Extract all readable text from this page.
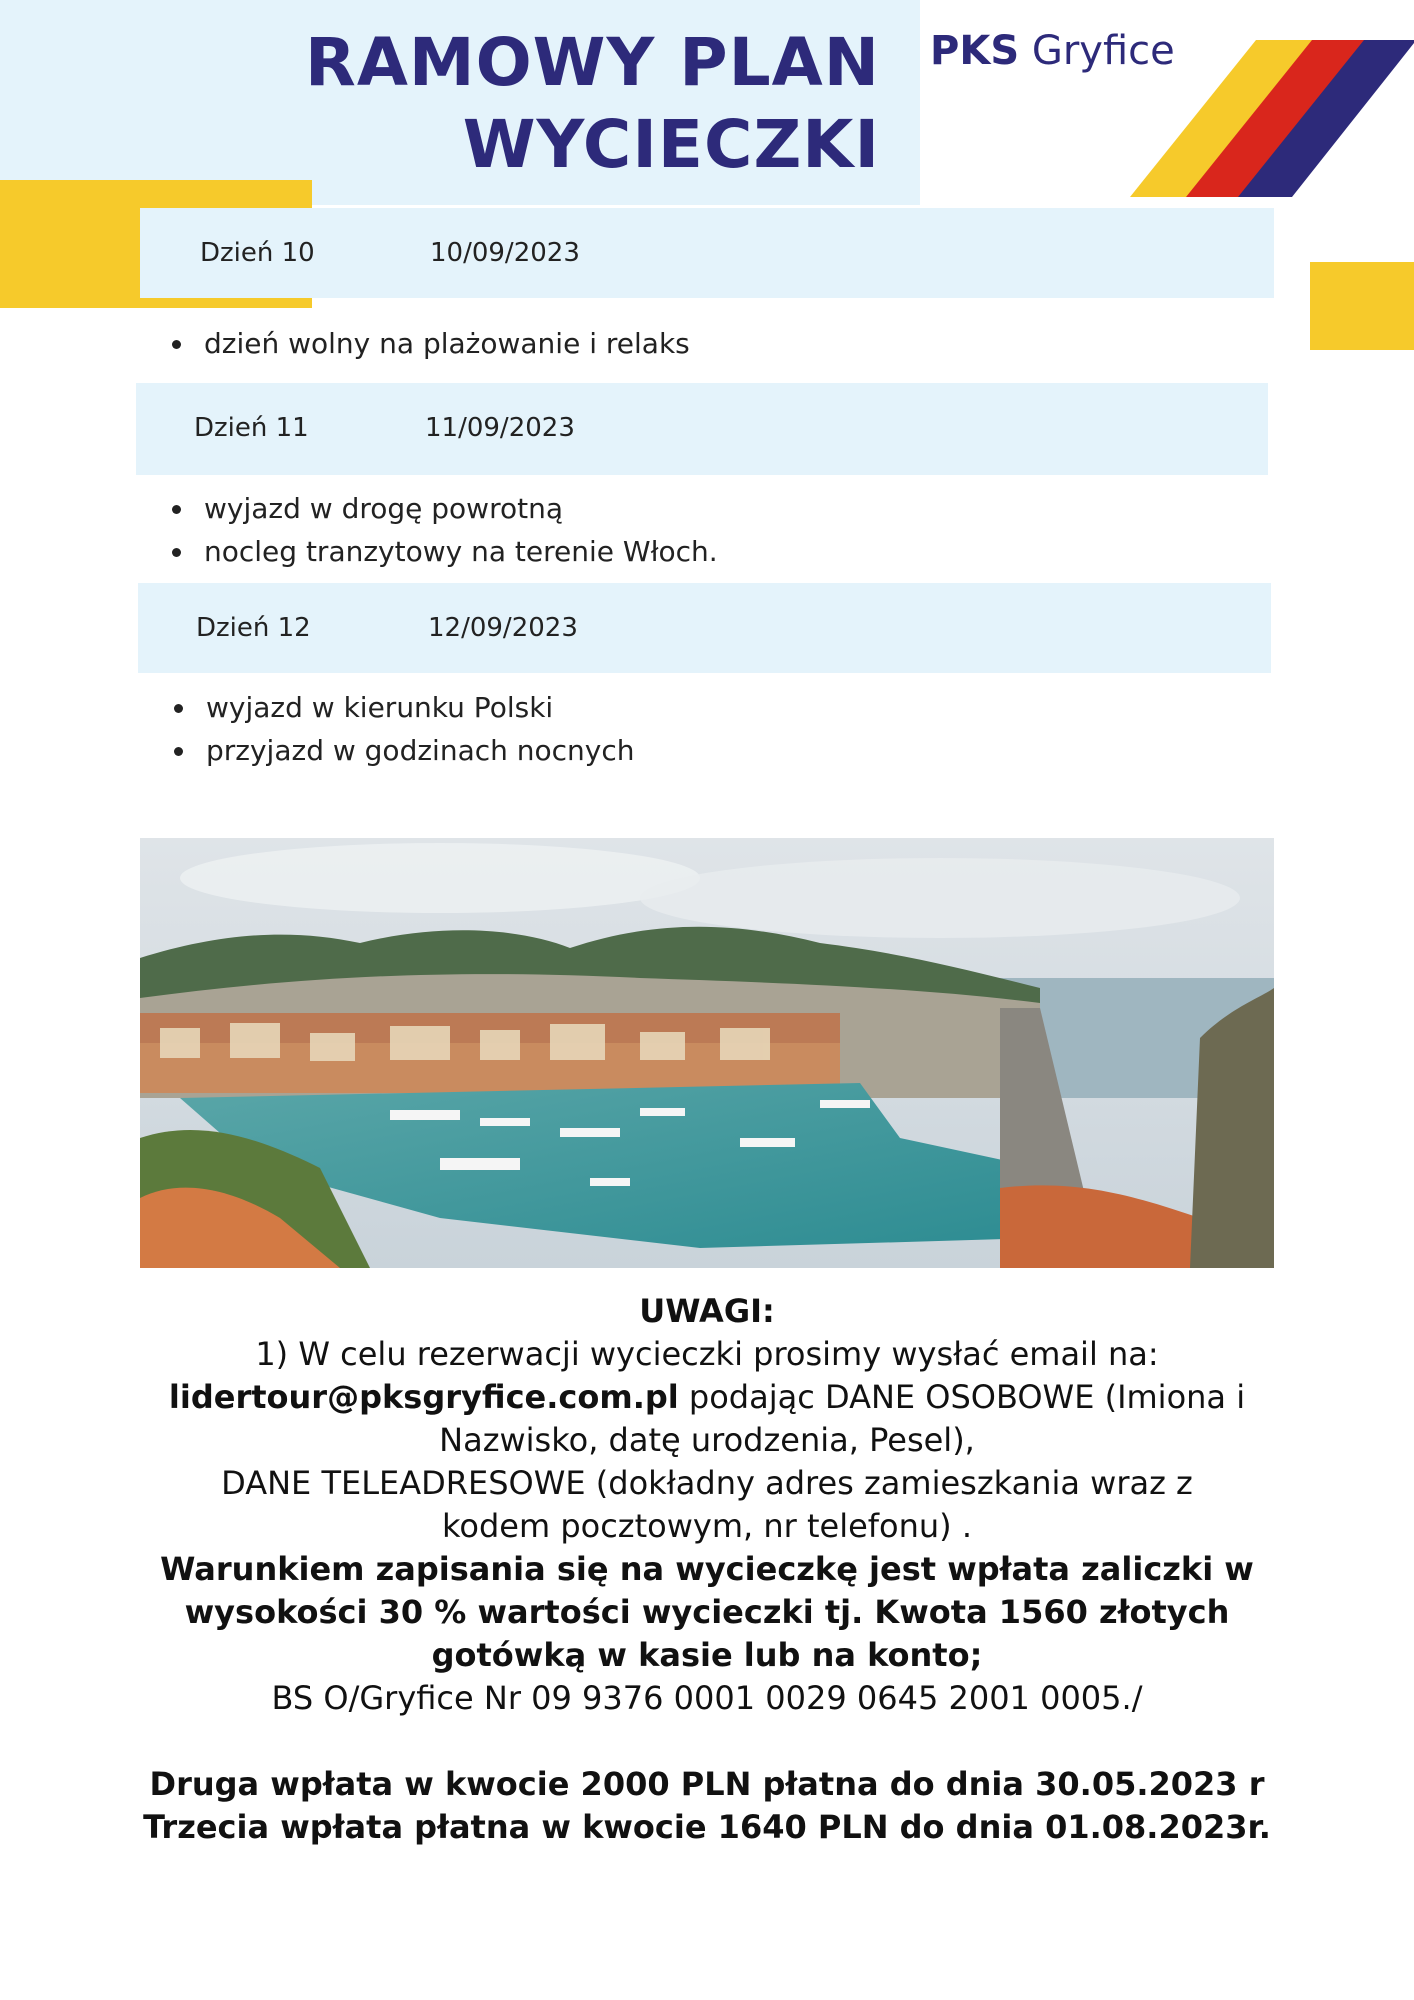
RAMOWY PLAN
WYCIECZKI
PKS Gryfice
Dzień 10	10/09/2023
dzień wolny na plażowanie i relaks
Dzień 11	11/09/2023
wyjazd w drogę powrotną
nocleg tranzytowy na terenie Włoch.
Dzień 12	12/09/2023
wyjazd w kierunku Polski
przyjazd w godzinach nocnych

UWAGI:

1) W celu rezerwacji wycieczki prosimy wysłać email na:

lidertour@pksgryfice.com.pl podając DANE OSOBOWE (Imiona i

Nazwisko, datę urodzenia, Pesel),

DANE TELEADRESOWE (dokładny adres zamieszkania wraz z

kodem pocztowym, nr telefonu) .

Warunkiem zapisania się na wycieczkę jest wpłata zaliczki w

wysokości 30 % wartości wycieczki tj. Kwota 1560 złotych

gotówką w kasie lub na konto;

BS O/Gryfice Nr 09 9376 0001 0029 0645 2001 0005./

Druga wpłata w kwocie 2000 PLN płatna do dnia 30.05.2023 r

Trzecia wpłata płatna w kwocie 1640 PLN do dnia 01.08.2023r.
